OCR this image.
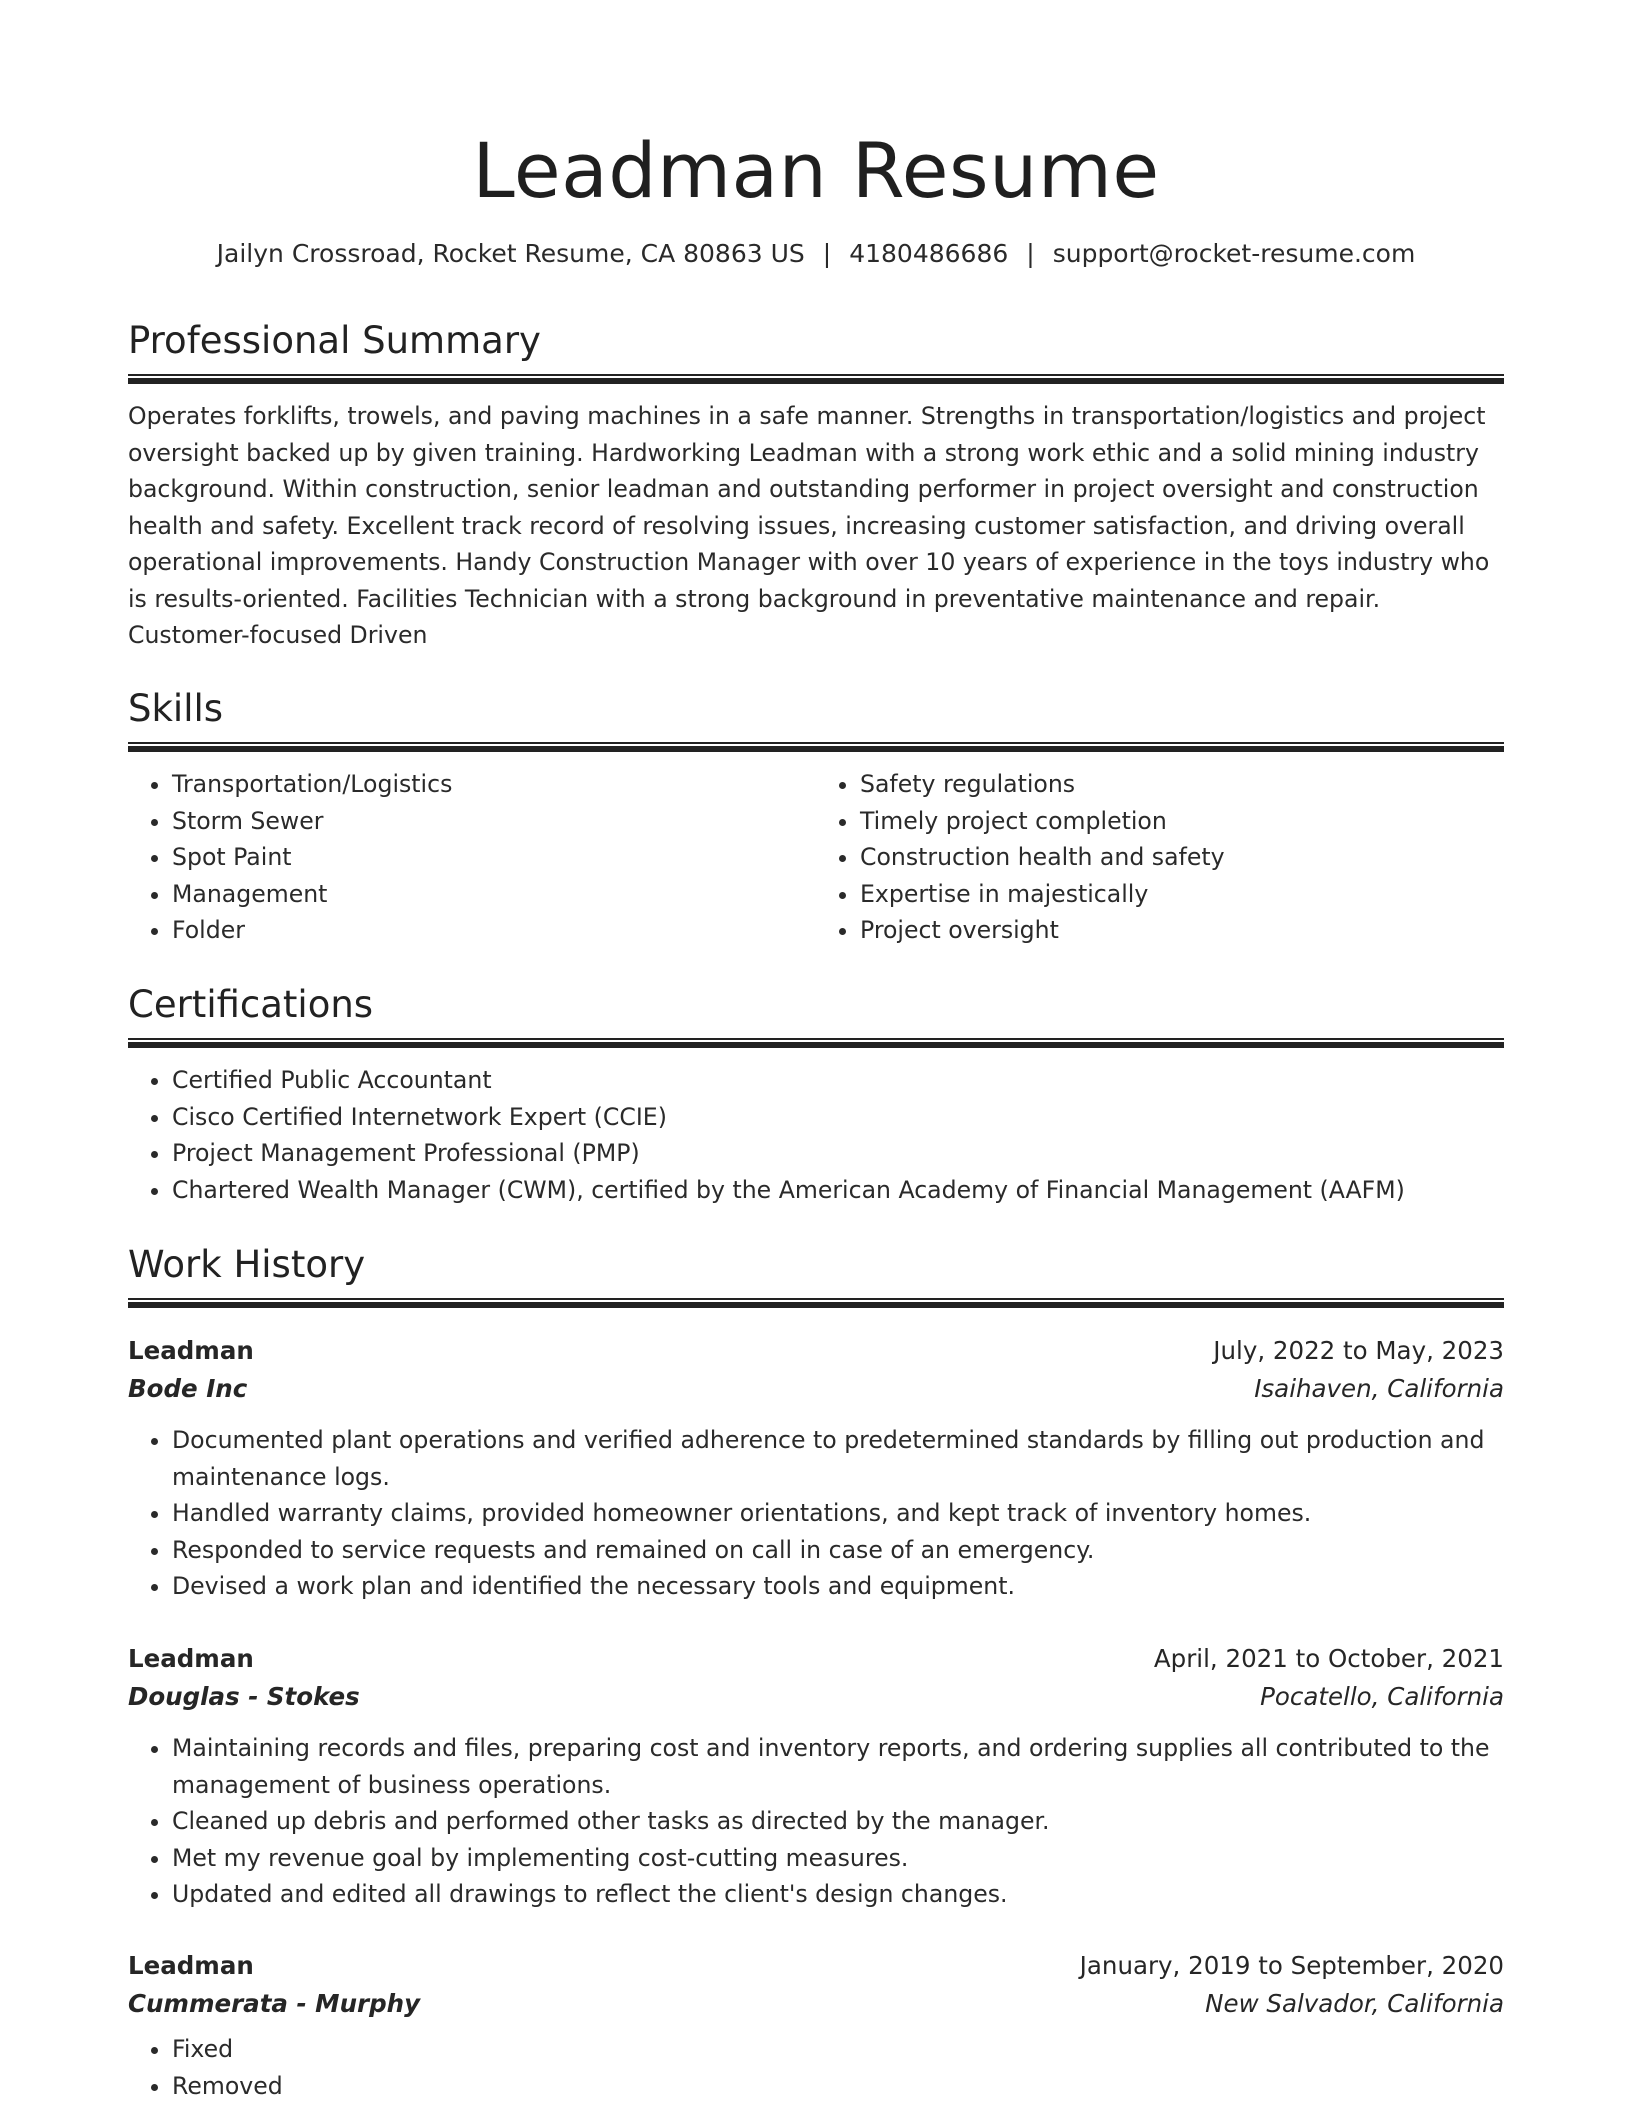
Leadman Resume
Jailyn Crossroad, Rocket Resume, CA 80863 US | 4180486686 | support@rocket-resume.com
Professional Summary

Operates forklifts, trowels, and paving machines in a safe manner. Strengths in transportation/logistics and project oversight backed up by given training. Hardworking Leadman with a strong work ethic and a solid mining industry background. Within construction, senior leadman and outstanding performer in project oversight and construction health and safety. Excellent track record of resolving issues, increasing customer satisfaction, and driving overall operational improvements. Handy Construction Manager with over 10 years of experience in the toys industry who is results-oriented. Facilities Technician with a strong background in preventative maintenance and repair. Customer-focused Driven

Skills
• Transportation/Logistics
• Storm Sewer
• Spot Paint
• Management
• Folder
• Safety regulations
• Timely project completion
• Construction health and safety
• Expertise in majestically
• Project oversight
Certifications
• Certified Public Accountant
• Cisco Certified Internetwork Expert (CCIE)
• Project Management Professional (PMP)
• Chartered Wealth Manager (CWM), certified by the American Academy of Financial Management (AAFM)
Work History
Leadman	July, 2022 to May, 2023
Bode Inc	Isaihaven, California
• Documented plant operations and verified adherence to predetermined standards by filling out production and maintenance logs.
• Handled warranty claims, provided homeowner orientations, and kept track of inventory homes.
• Responded to service requests and remained on call in case of an emergency.
• Devised a work plan and identified the necessary tools and equipment.
Leadman	April, 2021 to October, 2021
Douglas - Stokes	Pocatello, California
• Maintaining records and files, preparing cost and inventory reports, and ordering supplies all contributed to the management of business operations.
• Cleaned up debris and performed other tasks as directed by the manager.
• Met my revenue goal by implementing cost-cutting measures.
• Updated and edited all drawings to reflect the client's design changes.
Leadman	January, 2019 to September, 2020
Cummerata - Murphy	New Salvador, California
• Fixed
• Removed
